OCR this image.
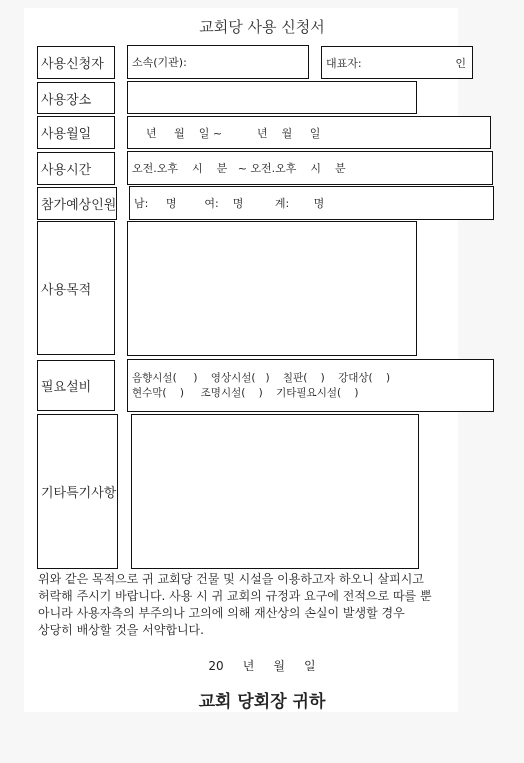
교회당 사용 신청서
사용신청자	소속(기관):	대표자:	인
사용장소
사용월일	년     월    일 ~          년    월     일
사용시간	오전.오후    시    분   ~ 오전.오후    시    분
참가예상인원	남:     명        여:    명         계:       명
사용목적
필요설비
음향시설(     )    영상시설(   )    칠판(    )    강대상(    )
현수막(    )     조명시설(    )    기타필요시설(    )
기타특기사항
위와 같은 목적으로 귀 교회당 건물 및 시설을 이용하고자 하오니 살피시고
허락해 주시기 바랍니다. 사용 시 귀 교회의 규정과 요구에 전적으로 따를 뿐
아니라 사용자측의 부주의나 고의에 의해 재산상의 손실이 발생할 경우
상당히 배상할 것을 서약합니다.
20     년     월     일
교회 당회장 귀하
